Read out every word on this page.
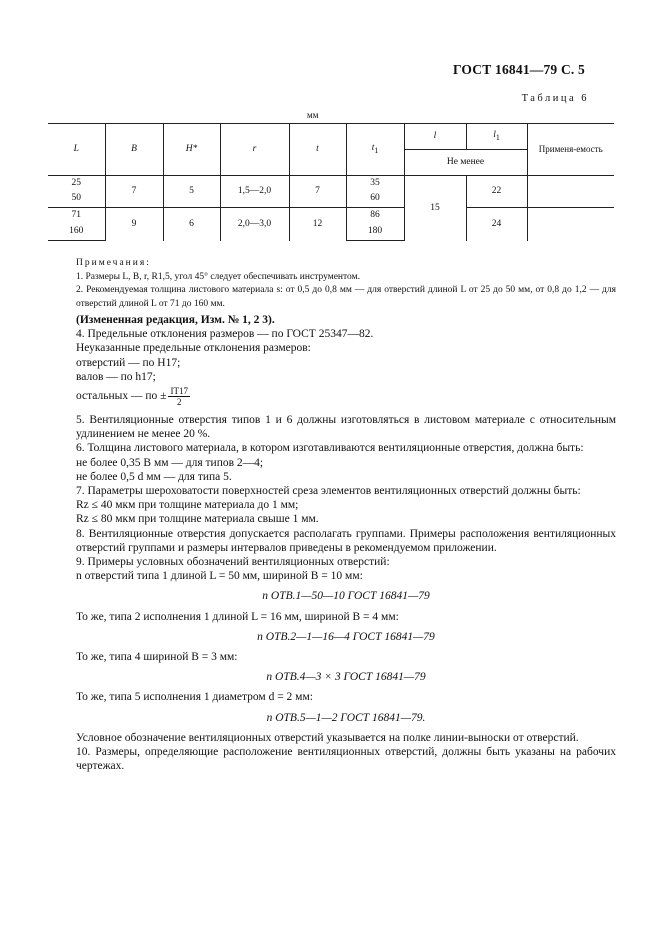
ГОСТ 16841—79 С. 5
Таблица 6
мм
L	B	H*	r	t	$t_1$	l	$l_1$	Применя-емость
						Не менее		
25	7	5	1,5—2,0	7	35	15	22	
50					60			
71	9	6	2,0—3,0	12	86		24	
160					180			

Примечания:

1. Размеры L, B, r, R1,5, угол 45° следует обеспечивать инструментом.

2. Рекомендуемая толщина листового материала s: от 0,5 до 0,8 мм — для отверстий длиной L от 25 до 50 мм, от 0,8 до 1,2 — для отверстий длиной L от 71 до 160 мм.

(Измененная редакция, Изм. № 1, 2 3).

4. Предельные отклонения размеров — по ГОСТ 25347—82.

Неуказанные предельные отклонения размеров:

отверстий — по H17;

валов — по h17;

остальных — по ± $\frac{IT17}{2}$

5. Вентиляционные отверстия типов 1 и 6 должны изготовляться в листовом материале с относительным удлинением не менее 20 %.

6. Толщина листового материала, в котором изготавливаются вентиляционные отверстия, должна быть:

не более 0,35 B мм — для типов 2—4;

не более 0,5 d мм — для типа 5.

7. Параметры шероховатости поверхностей среза элементов вентиляционных отверстий должны быть:

Rz ≤ 40 мкм при толщине материала до 1 мм;

Rz ≤ 80 мкм при толщине материала свыше 1 мм.

8. Вентиляционные отверстия допускается располагать группами. Примеры расположения вентиляционных отверстий группами и размеры интервалов приведены в рекомендуемом приложении.

9. Примеры условных обозначений вентиляционных отверстий:

n отверстий типа 1 длиной L = 50 мм, шириной B = 10 мм:

n ОТВ.1—50—10 ГОСТ 16841—79

То же, типа 2 исполнения 1 длиной L = 16 мм, шириной B = 4 мм:

n ОТВ.2—1—16—4 ГОСТ 16841—79

То же, типа 4 шириной B = 3 мм:

n ОТВ.4—3 × 3 ГОСТ 16841—79

То же, типа 5 исполнения 1 диаметром d = 2 мм:

n ОТВ.5—1—2 ГОСТ 16841—79.

Условное обозначение вентиляционных отверстий указывается на полке линии-выноски от отверстий.

10. Размеры, определяющие расположение вентиляционных отверстий, должны быть указаны на рабочих чертежах.
